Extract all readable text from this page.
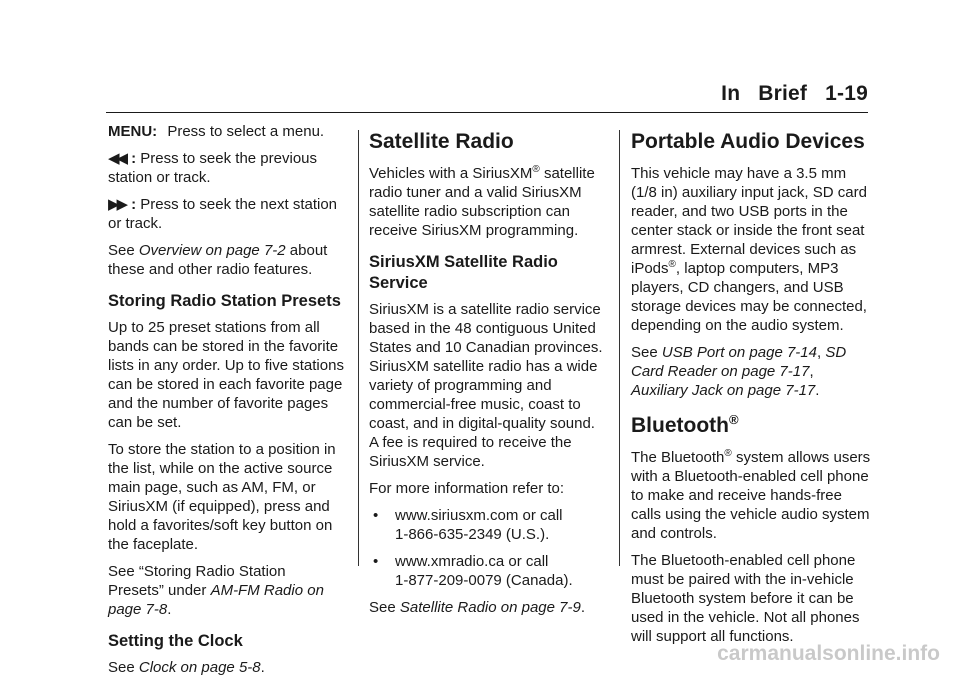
In Brief 1-19

MENU: Press to select a menu.

◀◀ : Press to seek the previous station or track.

▶▶ : Press to seek the next station or track.

See Overview on page 7-2 about these and other radio features.

Storing Radio Station Presets

Up to 25 preset stations from all bands can be stored in the favorite lists in any order. Up to five stations can be stored in each favorite page and the number of favorite pages can be set.

To store the station to a position in the list, while on the active source main page, such as AM, FM, or SiriusXM (if equipped), press and hold a favorites/soft key button on the faceplate.

See “Storing Radio Station Presets” under AM-FM Radio on page 7-8.

Setting the Clock

See Clock on page 5-8.

Satellite Radio

Vehicles with a SiriusXM® satellite radio tuner and a valid SiriusXM satellite radio subscription can receive SiriusXM programming.

SiriusXM Satellite Radio Service

SiriusXM is a satellite radio service based in the 48 contiguous United States and 10 Canadian provinces. SiriusXM satellite radio has a wide variety of programming and commercial-free music, coast to coast, and in digital-quality sound. A fee is required to receive the SiriusXM service.

For more information refer to:

•	www.siriusxm.com or call
1-866-635-2349 (U.S.).
•	www.xmradio.ca or call
1-877-209-0079 (Canada).

See Satellite Radio on page 7-9.

Portable Audio Devices

This vehicle may have a 3.5 mm (1/8 in) auxiliary input jack, SD card reader, and two USB ports in the center stack or inside the front seat armrest. External devices such as iPods®, laptop computers, MP3 players, CD changers, and USB storage devices may be connected, depending on the audio system.

See USB Port on page 7-14, SD Card Reader on page 7-17, Auxiliary Jack on page 7-17.

Bluetooth®

The Bluetooth® system allows users with a Bluetooth-enabled cell phone to make and receive hands-free calls using the vehicle audio system and controls.

The Bluetooth-enabled cell phone must be paired with the in-vehicle Bluetooth system before it can be used in the vehicle. Not all phones will support all functions.

carmanualsonline.info
